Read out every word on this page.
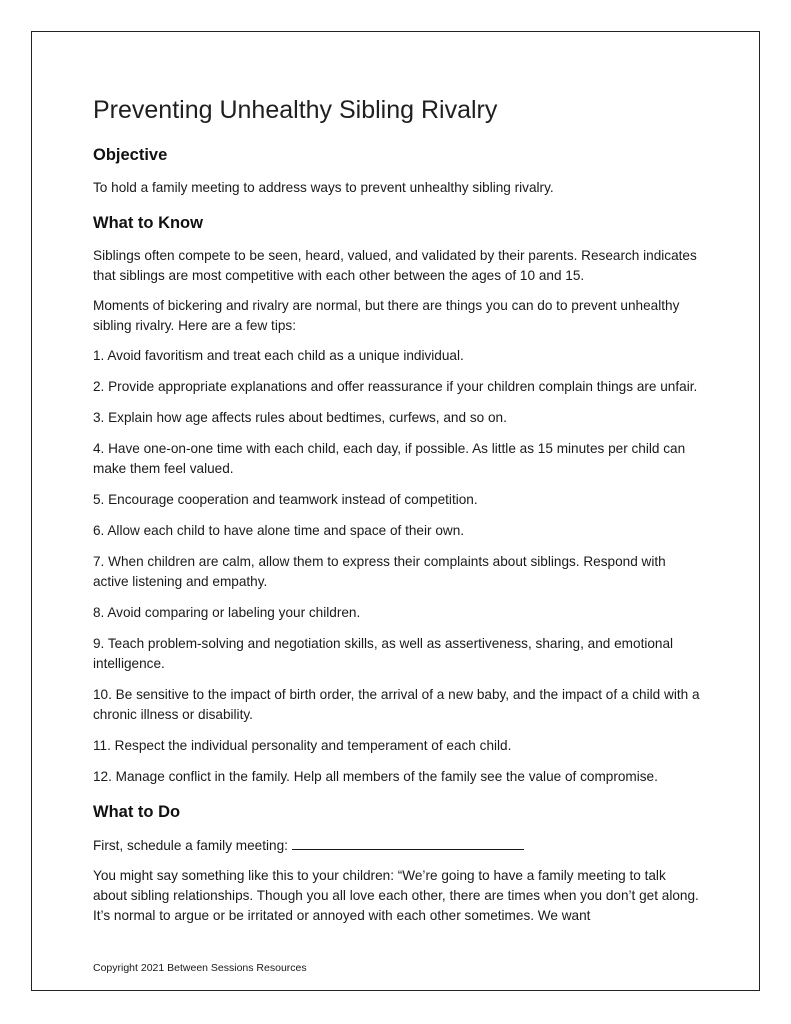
Preventing Unhealthy Sibling Rivalry
Objective

To hold a family meeting to address ways to prevent unhealthy sibling rivalry.

What to Know

Siblings often compete to be seen, heard, valued, and validated by their parents. Research indicates that siblings are most competitive with each other between the ages of 10 and 15.

Moments of bickering and rivalry are normal, but there are things you can do to prevent unhealthy sibling rivalry. Here are a few tips:

1. Avoid favoritism and treat each child as a unique individual.

2. Provide appropriate explanations and offer reassurance if your children complain things are unfair.

3. Explain how age affects rules about bedtimes, curfews, and so on.

4. Have one-on-one time with each child, each day, if possible. As little as 15 minutes per child can make them feel valued.

5. Encourage cooperation and teamwork instead of competition.

6. Allow each child to have alone time and space of their own.

7. When children are calm, allow them to express their complaints about siblings. Respond with active listening and empathy.

8. Avoid comparing or labeling your children.

9. Teach problem-solving and negotiation skills, as well as assertiveness, sharing, and emotional intelligence.

10. Be sensitive to the impact of birth order, the arrival of a new baby, and the impact of a child with a chronic illness or disability.

11. Respect the individual personality and temperament of each child.

12. Manage conflict in the family. Help all members of the family see the value of compromise.

What to Do

First, schedule a family meeting:

You might say something like this to your children: “We’re going to have a family meeting to talk about sibling relationships. Though you all love each other, there are times when you don’t get along. It’s normal to argue or be irritated or annoyed with each other sometimes. We want

Copyright 2021 Between Sessions Resources
